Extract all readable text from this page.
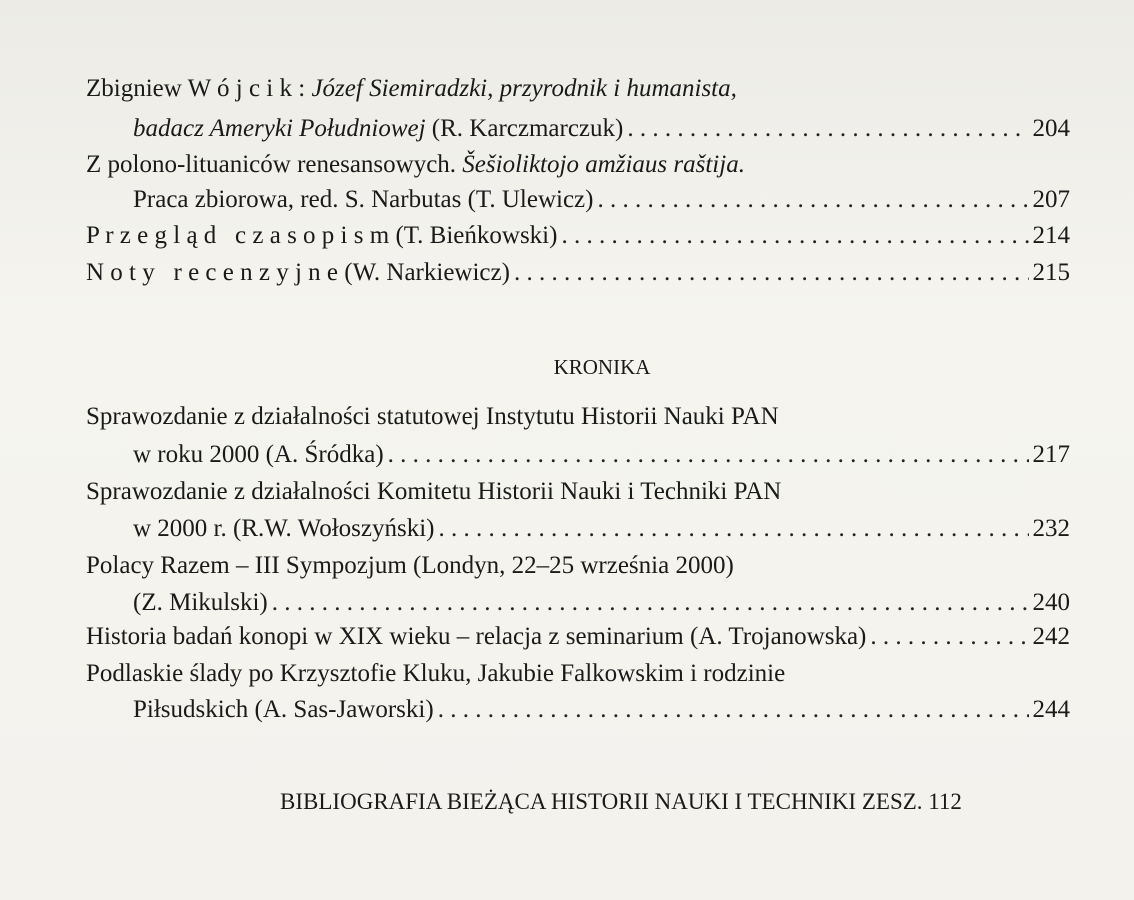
Zbigniew W ó j c i k : Józef Siemiradzki, przyrodnik i humanista,
badacz Ameryki Południowej (R. Karczmarczuk) . . .	204
Z polono-lituaniców renesansowych. Šešioliktojo amžiaus raštija.
Praca zbiorowa, red. S. Narbutas (T. Ulewicz) . . .	207
P r z e g l ą d   c z a s o p i s m (T. Bieńkowski) . . .	214
N o t y   r e c e n z y j n e (W. Narkiewicz) . . .	215
KRONIKA
Sprawozdanie z działalności statutowej Instytutu Historii Nauki PAN
w roku 2000 (A. Śródka) . . .	217
Sprawozdanie z działalności Komitetu Historii Nauki i Techniki PAN
w 2000 r. (R.W. Wołoszyński) . . .	232
Polacy Razem – III Sympozjum (Londyn, 22–25 września 2000)
(Z. Mikulski) . . .	240
Historia badań konopi w XIX wieku – relacja z seminarium (A. Trojanowska) . . .	242
Podlaskie ślady po Krzysztofie Kluku, Jakubie Falkowskim i rodzinie
Piłsudskich (A. Sas-Jaworski) . . .	244
BIBLIOGRAFIA BIEŻĄCA HISTORII NAUKI I TECHNIKI ZESZ. 112
